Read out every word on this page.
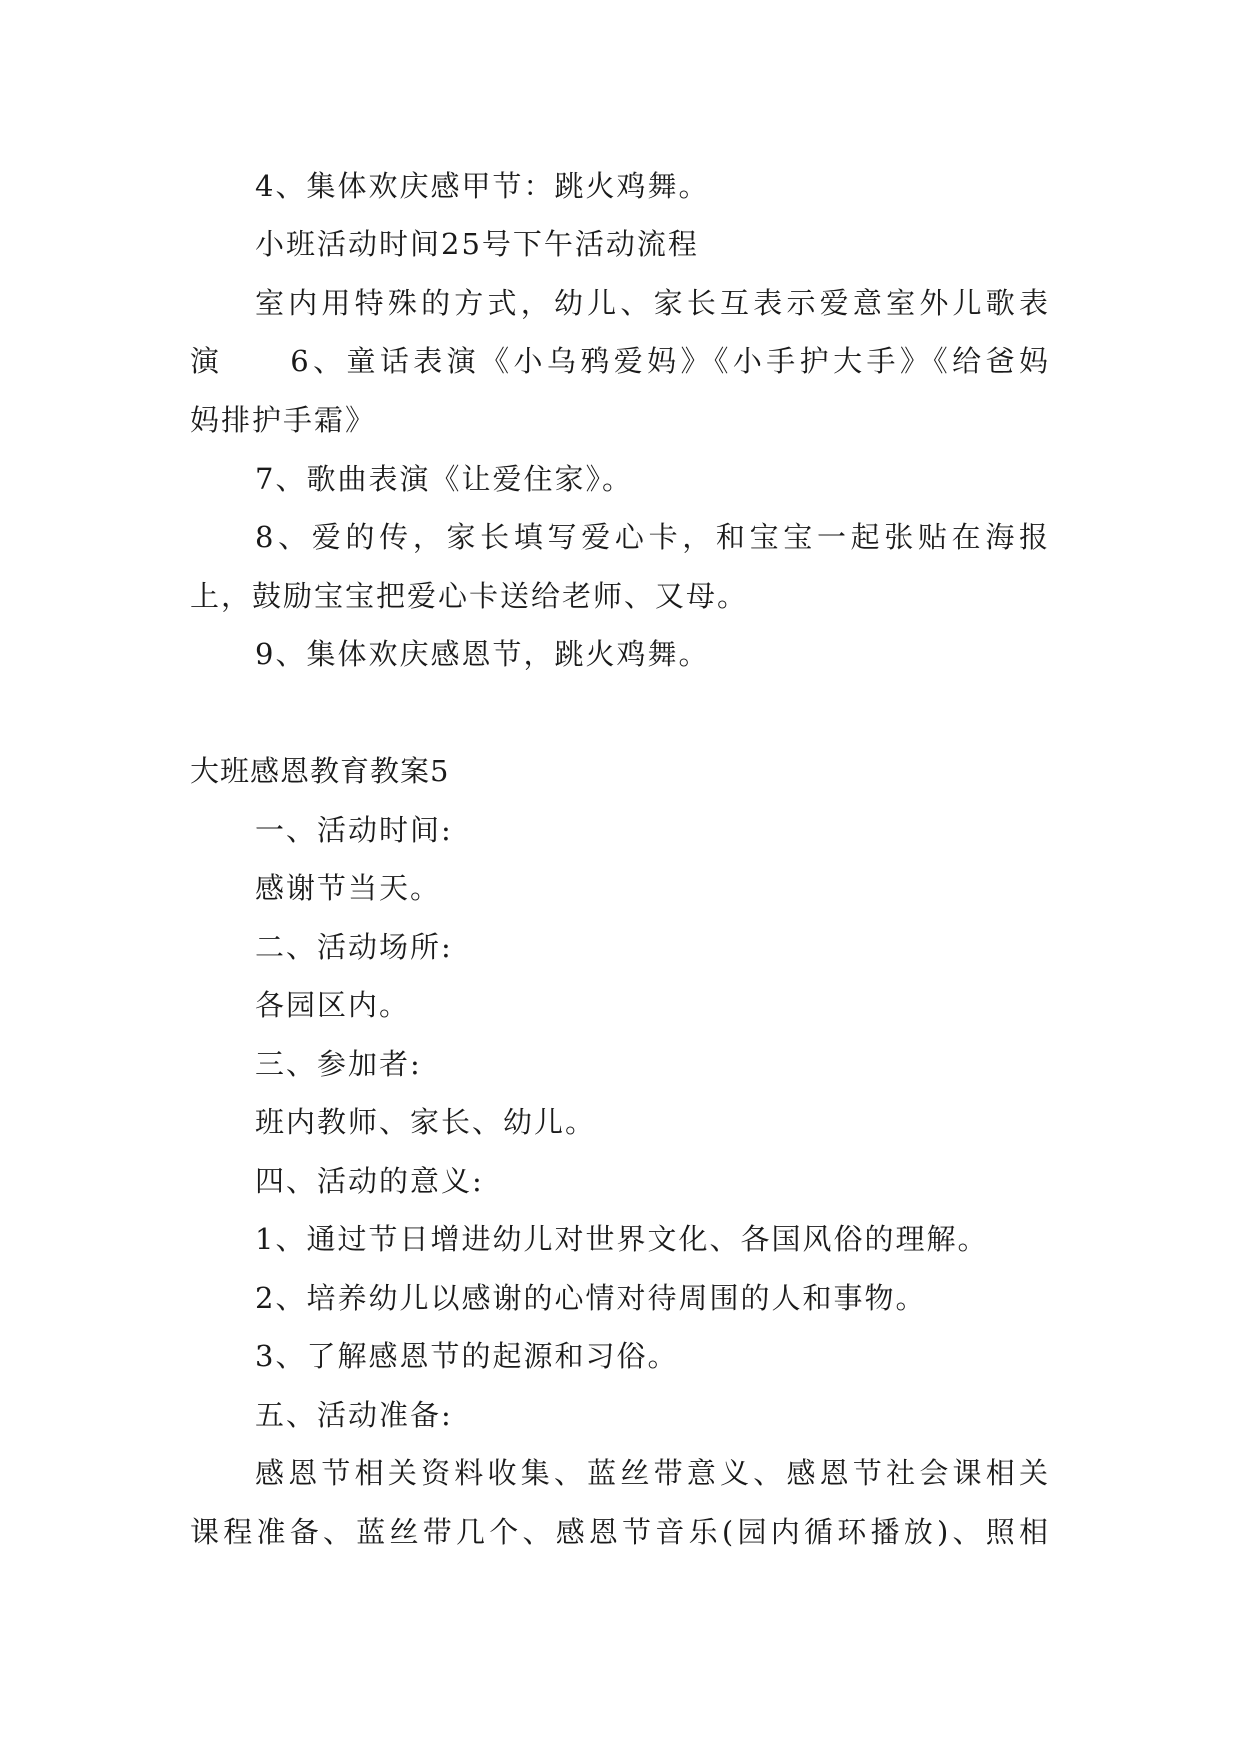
4、集体欢庆感甲节：跳火鸡舞。
小班活动时间25号下午活动流程
室内用特殊的方式，幼儿、家长互表示爱意室外儿歌表
演　　6、童话表演《小乌鸦爱妈》《小手护大手》《给爸妈
妈排护手霜》
7、歌曲表演《让爱住家》。
8、爱的传，家长填写爱心卡，和宝宝一起张贴在海报
上，鼓励宝宝把爱心卡送给老师、又母。
9、集体欢庆感恩节，跳火鸡舞。
大班感恩教育教案5
一、活动时间:
感谢节当天。
二、活动场所:
各园区内。
三、参加者:
班内教师、家长、幼儿。
四、活动的意义:
1、通过节日增进幼儿对世界文化、各国风俗的理解。
2、培养幼儿以感谢的心情对待周围的人和事物。
3、了解感恩节的起源和习俗。
五、活动准备:
感恩节相关资料收集、蓝丝带意义、感恩节社会课相关
课程准备、蓝丝带几个、感恩节音乐(园内循环播放)、照相
